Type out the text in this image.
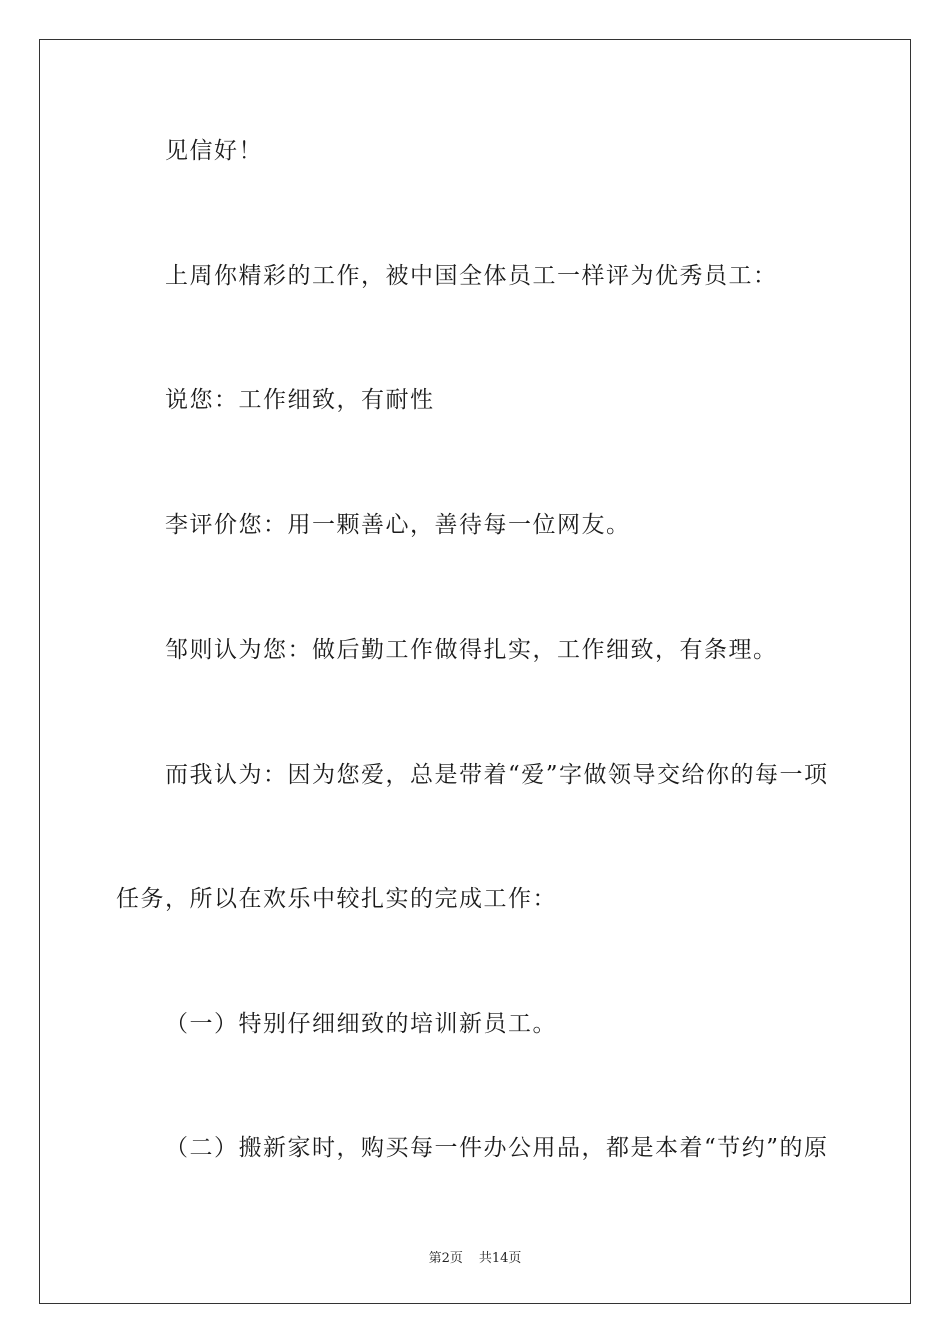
见信好！
上周你精彩的工作，被中国全体员工一样评为优秀员工：
说您：工作细致，有耐性
李评价您：用一颗善心，善待每一位网友。
邹则认为您：做后勤工作做得扎实，工作细致，有条理。
而我认为：因为您爱，总是带着“爱”字做领导交给你的每一项
任务，所以在欢乐中较扎实的完成工作：
（一）特别仔细细致的培训新员工。
（二）搬新家时，购买每一件办公用品，都是本着“节约”的原
第2页 共14页
